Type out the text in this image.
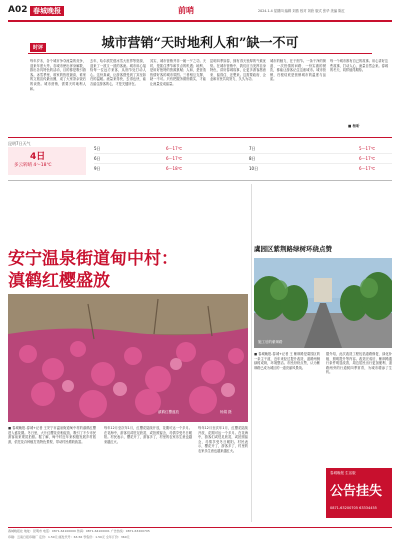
A02 春城晚报	前哨	2024.1.4 星期四 编辑 刘燕 校对 刘欣 版式 张华 美编 陈红
时评	城市营销“天时地利人和”缺一不可
每年岁末，各个城市争夺流量的竞争，迎来年度大考。各城市使出浑身解数，推出各具特色的活动，目的都是吸引游客。冰雪季里，谁家的热度最高，谁家的文旅宣传最出圈，成了大家茶余饭后的谈资。城市营销，需要天时地利人和。
去年，哈尔滨凭借冰雪大世界等资源，迎来了一波又一波的客流。城市用心接待每一位远方来客，从细节处打动人心。这份真诚，让游客感受到了宾至如归的温暖。流量来得快，去得也快，能否留住游客的心，才是关键所在。
其实，城市营销并非一朝一夕之功。天时，是抓住季节和节点的机遇；地利，是用好独特的资源禀赋；人和，是营造热情好客的城市氛围。三者相互支撑，缺一不可。只有把服务做细做实，才能让流量变成留量。
昆明四季如春，拥有得天独厚的气候优势。在城市营销中，我们应当发挥自身特色，讲好春城故事，让更多游客愿意来、留得住、还想来。这需要政府、企业和市民共同努力，久久为功。
城市的魅力，在于细节。一条干净的街道、一次热情的问路、一份实惠的餐饮，都能让游客记住这座城市。城市营销，归根结底是营销城市的温度与品质。
每一个城市都有自己的故事。用心讲好这些故事，打动人心，流量自然会来。春城的冬天，同样值得期待。
■ 杨昕
昆明7日天气
4日
多云转晴 4～18℃
5日	6～17℃	7日	5～17℃
6日	6～17℃	8日	6～17℃
9日	6～18℃	10日	6～17℃
安宁温泉街道甸中村：
滇鹤红樱盛放
滇鹤红樱盛放	杨娟 摄
■ 春城晚报-春城+记者 王安宁市温泉街道甸中村的滇鹤红樱进入盛花期。冬日里，大片红樱花竞相绽放，吸引了不少市民游客前来观赏拍照。据了解，甸中村近年来积极发展乡村旅游，依托花卉种植打造特色景观，带动村民增收致富。
每年12月至次年1月，红樱花陆续开放，花期可达一个多月。在花海中，游客们或驻足欣赏，或拍照留念，尽情享受冬日暖阳。村民表示，樱花开了，游客多了，村里的农家乐生意也越来越红火。
每年12月至次年1月，红樱花陆续开放，花期可达一个多月。在花海中，游客们或驻足欣赏，或拍照留念，尽情享受冬日暖阳。村民表示，樱花开了，游客多了，村里的农家乐生意也越来越红火。
虞园区紫荆路绿树环绕点赞
施工后的紫荆路
■ 春城晚报-春城+记者 王 紫荆路是虞园区的一条主干道，近年来经过提升改造，道路两侧绿树成荫，环境整洁。市民纷纷点赞，认为紫荆路已成为城区的一道亮丽风景线。
据介绍，此次改造工程包括道路修复、绿化补植、照明提升等内容。改造完成后，紫荆路通行条件明显改善，周边居民出行更加便利，道路两旁的行道树四季常青，为城市增添了生机。
春城晚报 生活版
公告挂失
0871-63200705 63334455
春城晚报社 地址：昆明市 电话：0871-64100000 传真：0871-64100001 广告热线：0871-63200705
印刷：云南日报印刷厂 定价：1.50元 邮发代号：63-56 零售价：1.50元 全年订价：360元
